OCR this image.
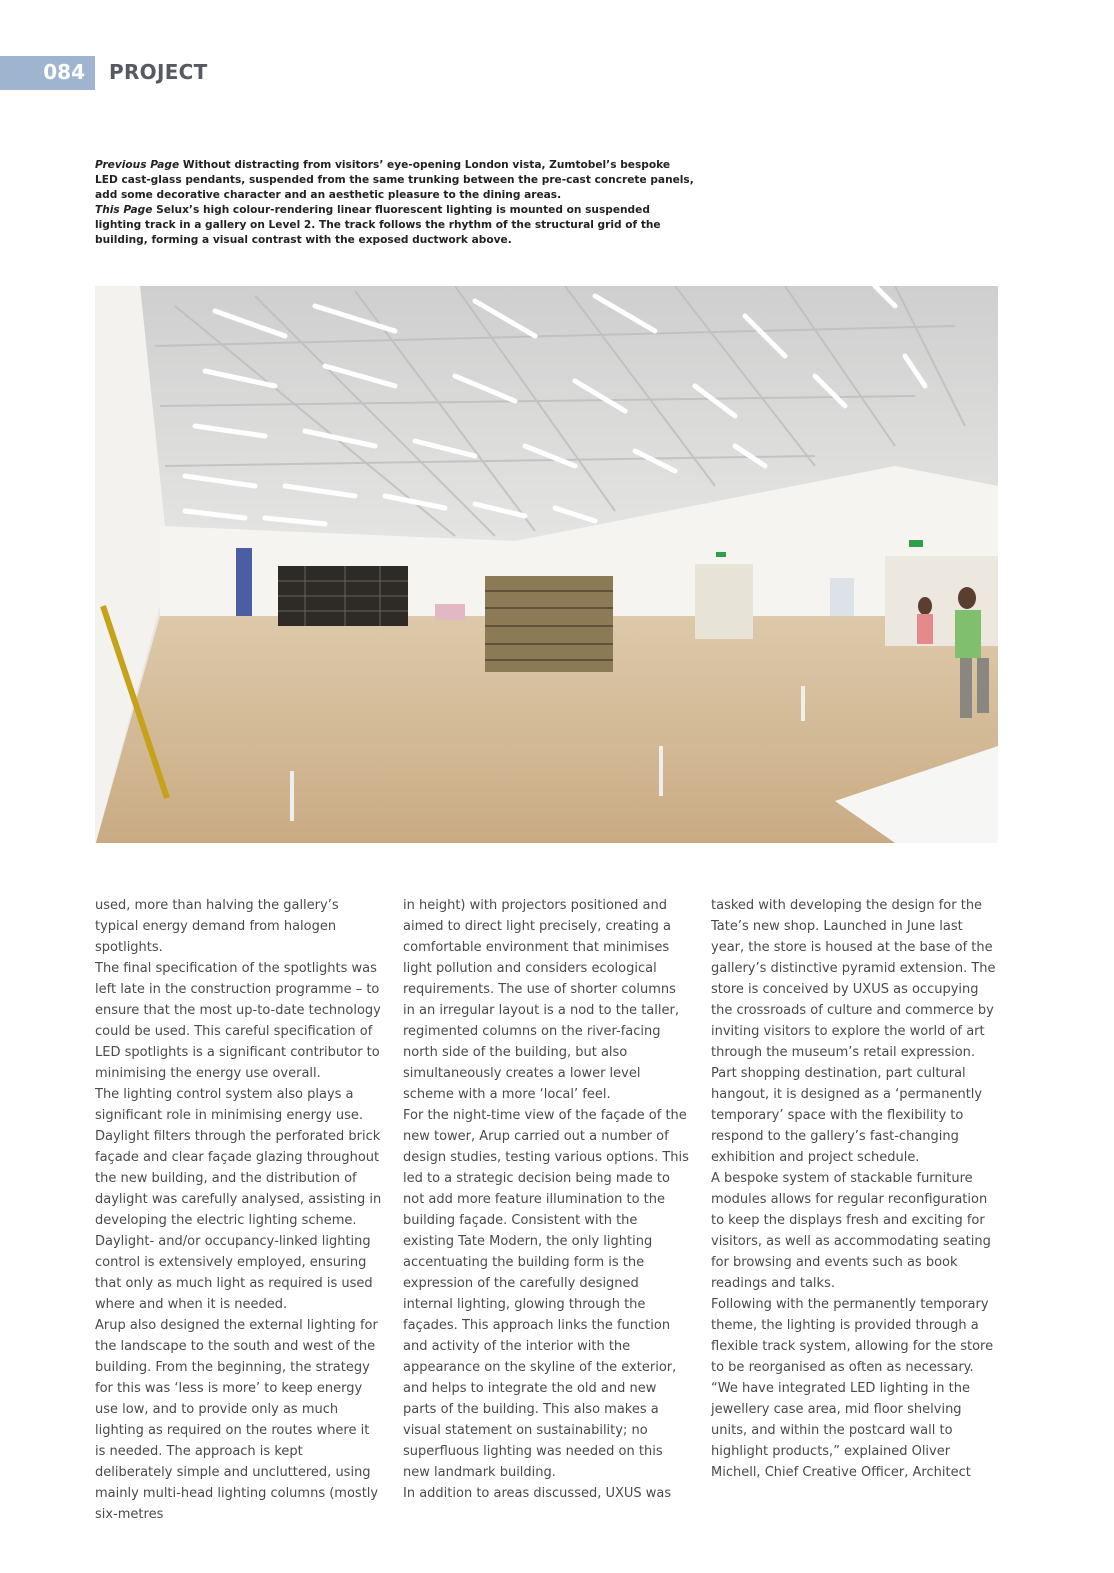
084 PROJECT

Previous Page Without distracting from visitors’ eye-opening London vista, Zumtobel’s bespoke LED cast-glass pendants, suspended from the same trunking between the pre-cast concrete panels, add some decorative character and an aesthetic pleasure to the dining areas.

This Page Selux’s high colour-rendering linear fluorescent lighting is mounted on suspended lighting track in a gallery on Level 2. The track follows the rhythm of the structural grid of the building, forming a visual contrast with the exposed ductwork above.

used, more than halving the gallery’s typical energy demand from halogen spotlights.

The final specification of the spotlights was left late in the construction programme – to ensure that the most up-to-date technology could be used. This careful specification of LED spotlights is a significant contributor to minimising the energy use overall.

The lighting control system also plays a significant role in minimising energy use. Daylight filters through the perforated brick façade and clear façade glazing throughout the new building, and the distribution of daylight was carefully analysed, assisting in developing the electric lighting scheme. Daylight- and/or occupancy-linked lighting control is extensively employed, ensuring that only as much light as required is used where and when it is needed.

Arup also designed the external lighting for the landscape to the south and west of the building. From the beginning, the strategy for this was ‘less is more’ to keep energy use low, and to provide only as much lighting as required on the routes where it is needed. The approach is kept deliberately simple and uncluttered, using mainly multi-head lighting columns (mostly six-metres

in height) with projectors positioned and aimed to direct light precisely, creating a comfortable environment that minimises light pollution and considers ecological requirements. The use of shorter columns in an irregular layout is a nod to the taller, regimented columns on the river-facing north side of the building, but also simultaneously creates a lower level scheme with a more ‘local’ feel.

For the night-time view of the façade of the new tower, Arup carried out a number of design studies, testing various options. This led to a strategic decision being made to not add more feature illumination to the building façade. Consistent with the existing Tate Modern, the only lighting accentuating the building form is the expression of the carefully designed internal lighting, glowing through the façades. This approach links the function and activity of the interior with the appearance on the skyline of the exterior, and helps to integrate the old and new parts of the building. This also makes a visual statement on sustainability; no superfluous lighting was needed on this new landmark building.

In addition to areas discussed, UXUS was

tasked with developing the design for the Tate’s new shop. Launched in June last year, the store is housed at the base of the gallery’s distinctive pyramid extension. The store is conceived by UXUS as occupying the crossroads of culture and commerce by inviting visitors to explore the world of art through the museum’s retail expression. Part shopping destination, part cultural hangout, it is designed as a ‘permanently temporary’ space with the flexibility to respond to the gallery’s fast-changing exhibition and project schedule.

A bespoke system of stackable furniture modules allows for regular reconfiguration to keep the displays fresh and exciting for visitors, as well as accommodating seating for browsing and events such as book readings and talks.

Following with the permanently temporary theme, the lighting is provided through a flexible track system, allowing for the store to be reorganised as often as necessary.

“We have integrated LED lighting in the jewellery case area, mid floor shelving units, and within the postcard wall to highlight products,” explained Oliver Michell, Chief Creative Officer, Architect
